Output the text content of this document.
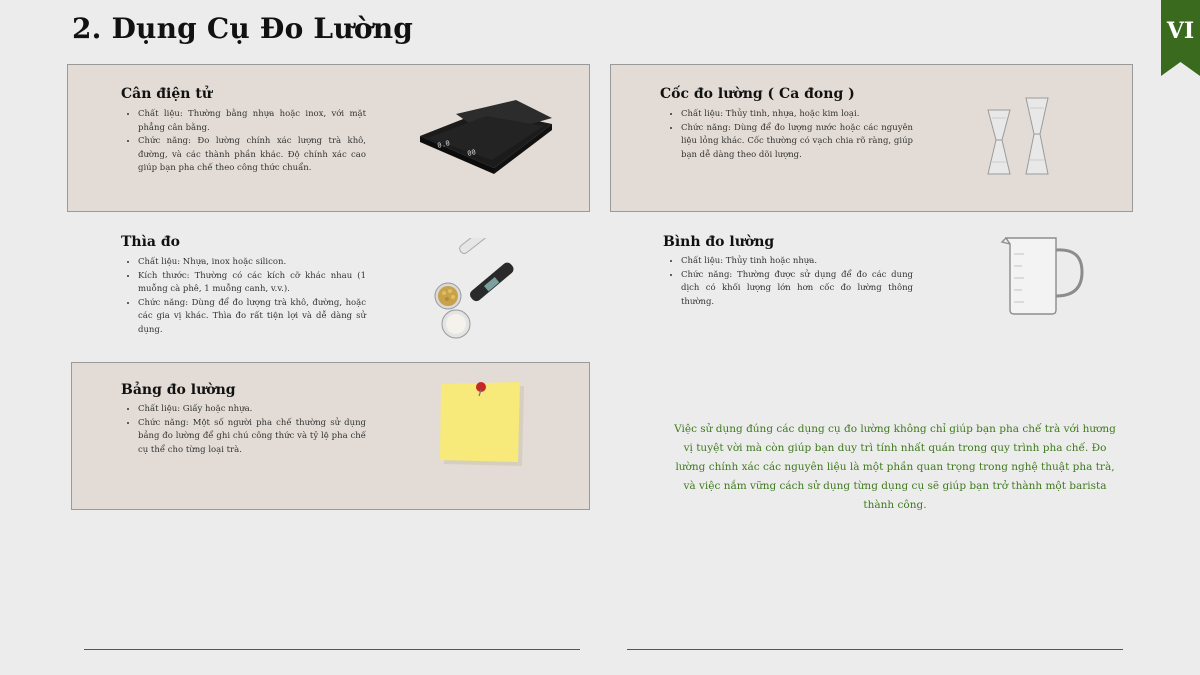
2. Dụng Cụ Đo Lường	VI
Cân điện tử
• Chất liệu: Thường bằng nhựa hoặc inox, với mặt phẳng cân bằng.
• Chức năng: Đo lường chính xác lượng trà khô, đường, và các thành phần khác. Độ chính xác cao giúp bạn pha chế theo công thức chuẩn.
0.0
00
Cốc đo lường ( Ca đong )
• Chất liệu: Thủy tinh, nhựa, hoặc kim loại.
• Chức năng: Dùng để đo lượng nước hoặc các nguyên liệu lỏng khác. Cốc thường có vạch chia rõ ràng, giúp bạn dễ dàng theo dõi lượng.
Thìa đo
• Chất liệu: Nhựa, inox hoặc silicon.
• Kích thước: Thường có các kích cỡ khác nhau (1 muỗng cà phê, 1 muỗng canh, v.v.).
• Chức năng: Dùng để đo lượng trà khô, đường, hoặc các gia vị khác. Thìa đo rất tiện lợi và dễ dàng sử dụng.
Bình đo lường
• Chất liệu: Thủy tinh hoặc nhựa.
• Chức năng: Thường được sử dụng để đo các dung dịch có khối lượng lớn hơn cốc đo lường thông thường.
Bảng đo lường
• Chất liệu: Giấy hoặc nhựa.
• Chức năng: Một số người pha chế thường sử dụng bảng đo lường để ghi chú công thức và tỷ lệ pha chế cụ thể cho từng loại trà.
Việc sử dụng đúng các dụng cụ đo lường không chỉ giúp bạn pha chế trà với hương vị tuyệt vời mà còn giúp bạn duy trì tính nhất quán trong quy trình pha chế. Đo lường chính xác các nguyên liệu là một phần quan trọng trong nghệ thuật pha trà, và việc nắm vững cách sử dụng từng dụng cụ sẽ giúp bạn trở thành một barista thành công.
